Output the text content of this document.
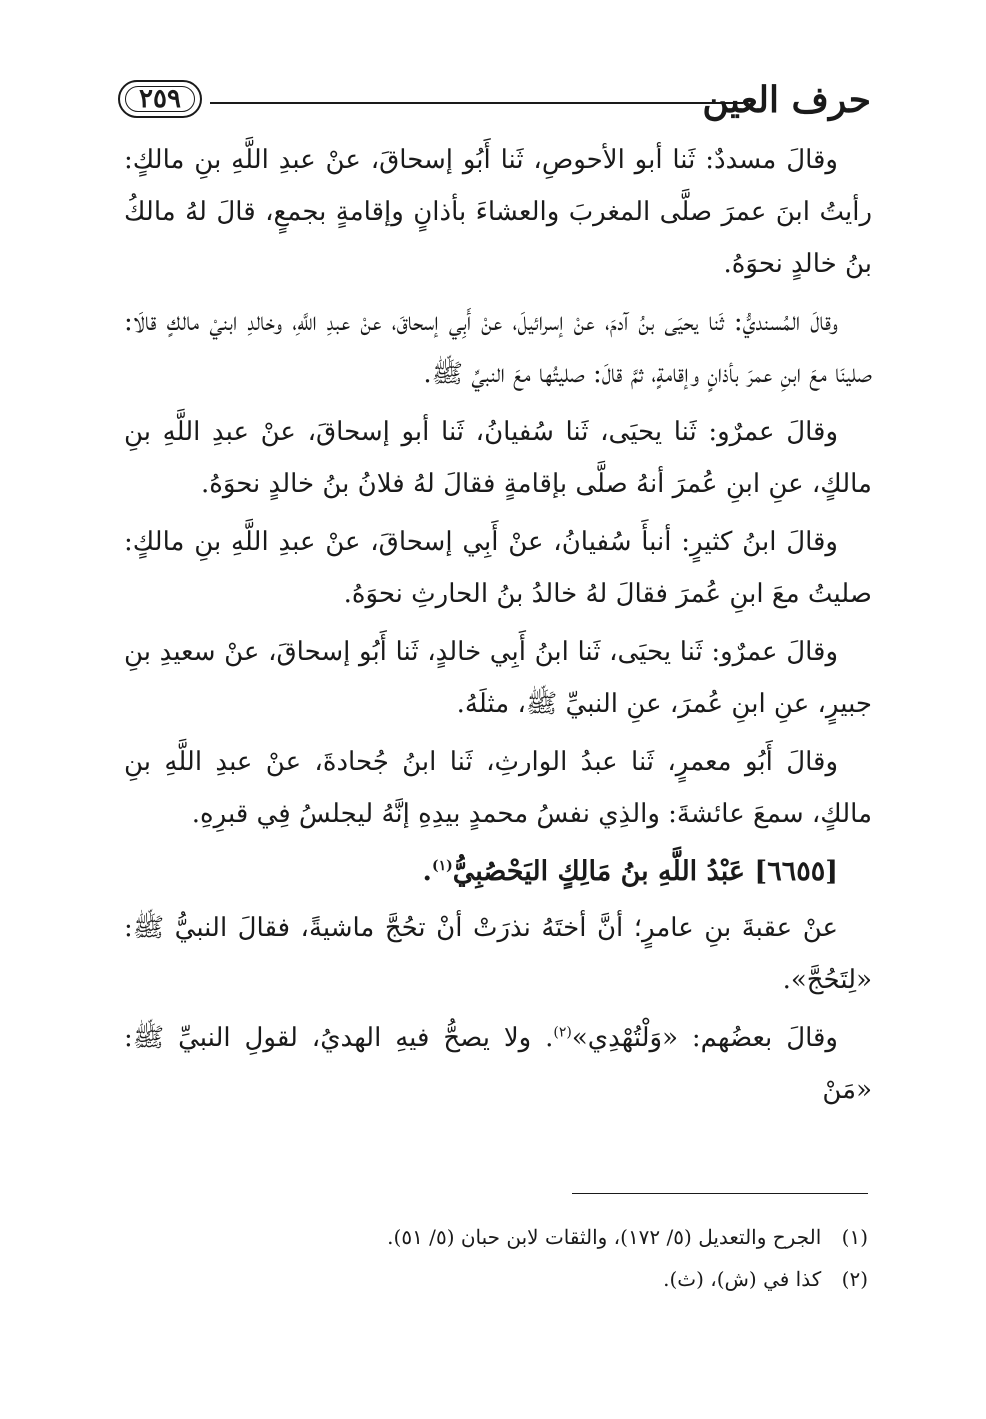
حرف العين
٢٥٩

وقالَ مسددٌ: ثَنا أبو الأحوصِ، ثَنا أَبُو إسحاقَ، عنْ عبدِ اللَّهِ بنِ مالكٍ: رأيتُ ابنَ عمرَ صلَّى المغربَ والعشاءَ بأذانٍ وإقامةٍ بجمعٍ، قالَ لهُ مالكُ بنُ خالدٍ نحوَهُ.

وقالَ المُسنديُّ: ثَنا يحيَى بنُ آدمَ، عنْ إسرائيلَ، عنْ أَبِي إسحاقَ، عنْ عبدِ اللَّهِ، وخالدِ ابنيْ مالكٍ قالَا: صلينَا معَ ابنِ عمرَ بأذانٍ وإقامةٍ، ثمَّ قالَ: صليتُها معَ النبيِّ ﷺ.

وقالَ عمرٌو: ثَنا يحيَى، ثَنا سُفيانُ، ثَنا أبو إسحاقَ، عنْ عبدِ اللَّهِ بنِ مالكٍ، عنِ ابنِ عُمرَ أنهُ صلَّى بإقامةٍ فقالَ لهُ فلانُ بنُ خالدٍ نحوَهُ.

وقالَ ابنُ كثيرٍ: أنبأَ سُفيانُ، عنْ أَبِي إسحاقَ، عنْ عبدِ اللَّهِ بنِ مالكٍ: صليتُ معَ ابنِ عُمرَ فقالَ لهُ خالدُ بنُ الحارثِ نحوَهُ.

وقالَ عمرٌو: ثَنا يحيَى، ثَنا ابنُ أَبِي خالدٍ، ثَنا أَبُو إسحاقَ، عنْ سعيدِ بنِ جبيرٍ، عنِ ابنِ عُمرَ، عنِ النبيِّ ﷺ، مثلَهُ.

وقالَ أَبُو معمرٍ، ثَنا عبدُ الوارثِ، ثَنا ابنُ جُحادةَ، عنْ عبدِ اللَّهِ بنِ مالكٍ، سمعَ عائشةَ: والذِي نفسُ محمدٍ بيدِهِ إنَّهُ ليجلسُ فِي قبرِهِ.

[٦٦٥٥] عَبْدُ اللَّهِ بنُ مَالِكٍ اليَحْصُبِيُّ$^{(١)}$.

عنْ عقبةَ بنِ عامرٍ؛ أنَّ أختَهُ نذرَتْ أنْ تحُجَّ ماشيةً، فقالَ النبيُّ ﷺ: «لِتَحُجَّ».

وقالَ بعضُهم: «وَلْتُهْدِي»$^{(٢)}$. ولا يصحُّ فيهِ الهديُ، لقولِ النبيِّ ﷺ: «مَنْ

(١) الجرح والتعديل (٥/ ١٧٢)، والثقات لابن حبان (٥/ ٥١).

(٢) كذا في (ش)، (ث).
